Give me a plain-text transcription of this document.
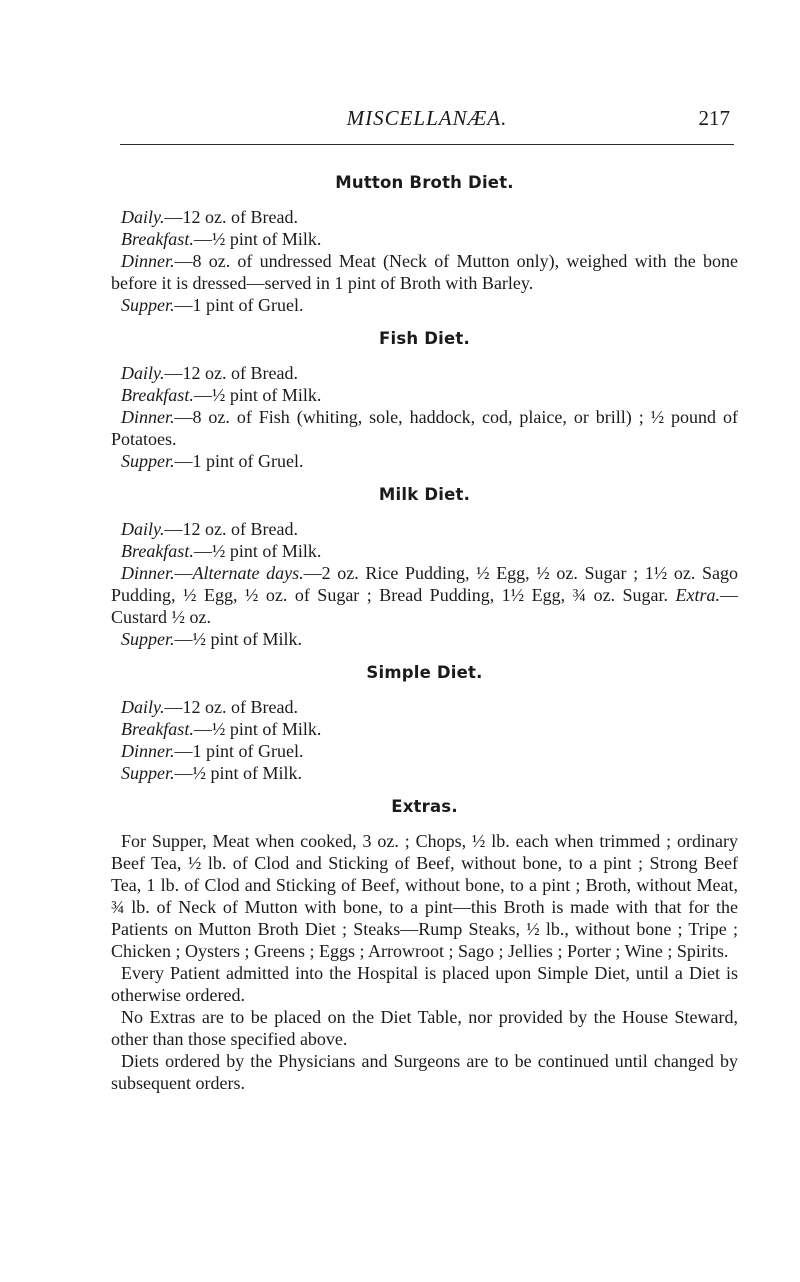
MISCELLANÆA.	217
Mutton Broth Diet.

Daily.—12 oz. of Bread.

Breakfast.—½ pint of Milk.

Dinner.—8 oz. of undressed Meat (Neck of Mutton only), weighed with the bone before it is dressed—served in 1 pint of Broth with Barley.

Supper.—1 pint of Gruel.

Fish Diet.

Daily.—12 oz. of Bread.

Breakfast.—½ pint of Milk.

Dinner.—8 oz. of Fish (whiting, sole, haddock, cod, plaice, or brill) ; ½ pound of Potatoes.

Supper.—1 pint of Gruel.

Milk Diet.

Daily.—12 oz. of Bread.

Breakfast.—½ pint of Milk.

Dinner.—Alternate days.—2 oz. Rice Pudding, ½ Egg, ½ oz. Sugar ; 1½ oz. Sago Pudding, ½ Egg, ½ oz. of Sugar ; Bread Pudding, 1½ Egg, ¾ oz. Sugar. Extra.—Custard ½ oz.

Supper.—½ pint of Milk.

Simple Diet.

Daily.—12 oz. of Bread.

Breakfast.—½ pint of Milk.

Dinner.—1 pint of Gruel.

Supper.—½ pint of Milk.

Extras.

For Supper, Meat when cooked, 3 oz. ; Chops, ½ lb. each when trimmed ; ordinary Beef Tea, ½ lb. of Clod and Sticking of Beef, without bone, to a pint ; Strong Beef Tea, 1 lb. of Clod and Sticking of Beef, without bone, to a pint ; Broth, without Meat, ¾ lb. of Neck of Mutton with bone, to a pint—this Broth is made with that for the Patients on Mutton Broth Diet ; Steaks—Rump Steaks, ½ lb., without bone ; Tripe ; Chicken ; Oysters ; Greens ; Eggs ; Arrowroot ; Sago ; Jellies ; Porter ; Wine ; Spirits.

Every Patient admitted into the Hospital is placed upon Simple Diet, until a Diet is otherwise ordered.

No Extras are to be placed on the Diet Table, nor provided by the House Steward, other than those specified above.

Diets ordered by the Physicians and Surgeons are to be continued until changed by subsequent orders.
